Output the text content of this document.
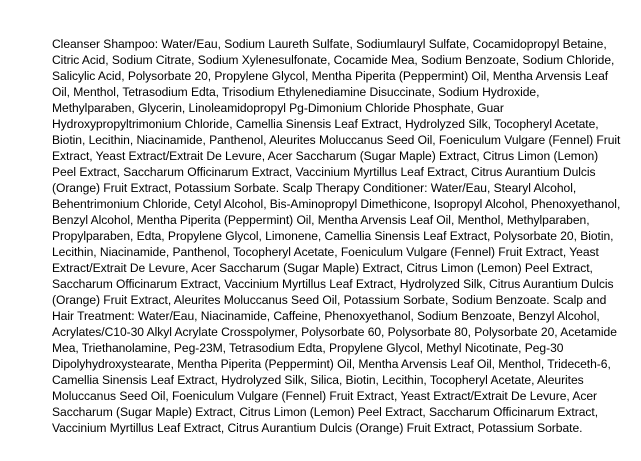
Cleanser Shampoo: Water/Eau, Sodium Laureth Sulfate, Sodiumlauryl Sulfate, Cocamidopropyl Betaine, Citric Acid, Sodium Citrate, Sodium Xylenesulfonate, Cocamide Mea, Sodium Benzoate, Sodium Chloride, Salicylic Acid, Polysorbate 20, Propylene Glycol, Mentha Piperita (Peppermint) Oil, Mentha Arvensis Leaf Oil, Menthol, Tetrasodium Edta, Trisodium Ethylenediamine Disuccinate, Sodium Hydroxide, Methylparaben, Glycerin, Linoleamidopropyl Pg-Dimonium Chloride Phosphate, Guar Hydroxypropyltrimonium Chloride, Camellia Sinensis Leaf Extract, Hydrolyzed Silk, Tocopheryl Acetate, Biotin, Lecithin, Niacinamide, Panthenol, Aleurites Moluccanus Seed Oil, Foeniculum Vulgare (Fennel) Fruit Extract, Yeast Extract/Extrait De Levure, Acer Saccharum (Sugar Maple) Extract, Citrus Limon (Lemon) Peel Extract, Saccharum Officinarum Extract, Vaccinium Myrtillus Leaf Extract, Citrus Aurantium Dulcis (Orange) Fruit Extract, Potassium Sorbate. Scalp Therapy Conditioner: Water/Eau, Stearyl Alcohol, Behentrimonium Chloride, Cetyl Alcohol, Bis-Aminopropyl Dimethicone, Isopropyl Alcohol, Phenoxyethanol, Benzyl Alcohol, Mentha Piperita (Peppermint) Oil, Mentha Arvensis Leaf Oil, Menthol, Methylparaben, Propylparaben, Edta, Propylene Glycol, Limonene, Camellia Sinensis Leaf Extract, Polysorbate 20, Biotin, Lecithin, Niacinamide, Panthenol, Tocopheryl Acetate, Foeniculum Vulgare (Fennel) Fruit Extract, Yeast Extract/Extrait De Levure, Acer Saccharum (Sugar Maple) Extract, Citrus Limon (Lemon) Peel Extract, Saccharum Officinarum Extract, Vaccinium Myrtillus Leaf Extract, Hydrolyzed Silk, Citrus Aurantium Dulcis (Orange) Fruit Extract, Aleurites Moluccanus Seed Oil, Potassium Sorbate, Sodium Benzoate. Scalp and Hair Treatment: Water/Eau, Niacinamide, Caffeine, Phenoxyethanol, Sodium Benzoate, Benzyl Alcohol, Acrylates/C10-30 Alkyl Acrylate Crosspolymer, Polysorbate 60, Polysorbate 80, Polysorbate 20, Acetamide Mea, Triethanolamine, Peg-23M, Tetrasodium Edta, Propylene Glycol, Methyl Nicotinate, Peg-30 Dipolyhydroxystearate, Mentha Piperita (Peppermint) Oil, Mentha Arvensis Leaf Oil, Menthol, Trideceth-6, Camellia Sinensis Leaf Extract, Hydrolyzed Silk, Silica, Biotin, Lecithin, Tocopheryl Acetate, Aleurites Moluccanus Seed Oil, Foeniculum Vulgare (Fennel) Fruit Extract, Yeast Extract/Extrait De Levure, Acer Saccharum (Sugar Maple) Extract, Citrus Limon (Lemon) Peel Extract, Saccharum Officinarum Extract, Vaccinium Myrtillus Leaf Extract, Citrus Aurantium Dulcis (Orange) Fruit Extract, Potassium Sorbate.
